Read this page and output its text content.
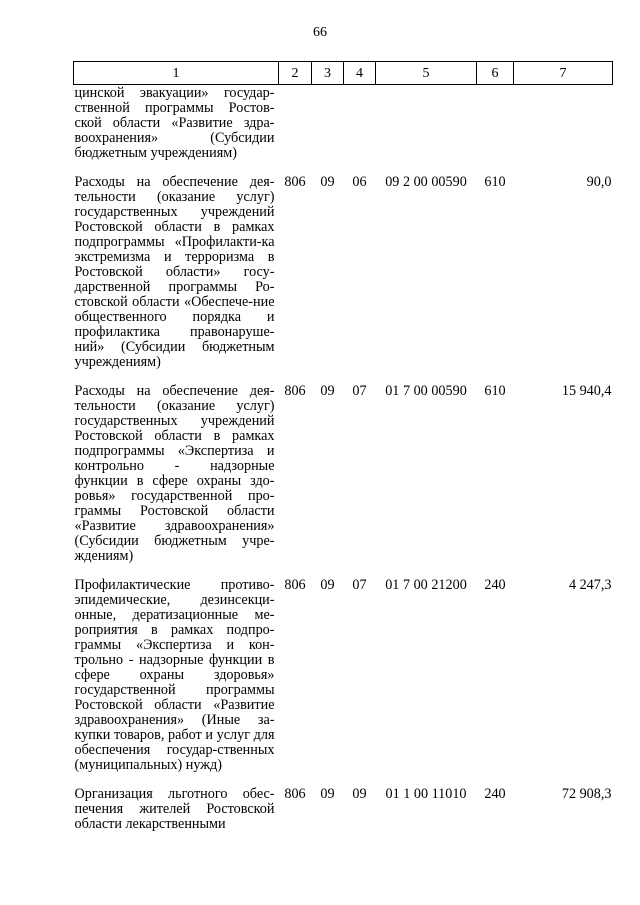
66
1	2	3	4	5	6	7
цинской эвакуации» государ-ственной программы Ростов-ской области «Развитие здра-воохранения» (Субсидии бюджетным учреждениям)						
Расходы на обеспечение дея-тельности (оказание услуг) государственных учреждений Ростовской области в рамках подпрограммы «Профилакти-ка экстремизма и терроризма в Ростовской области» госу-дарственной программы Ро-стовской области «Обеспече-ние общественного порядка и профилактика правонаруше-ний» (Субсидии бюджетным учреждениям)	806	09	06	09 2 00 00590	610	90,0
Расходы на обеспечение дея-тельности (оказание услуг) государственных учреждений Ростовской области в рамках подпрограммы «Экспертиза и контрольно - надзорные функции в сфере охраны здо-ровья» государственной про-граммы Ростовской области «Развитие здравоохранения» (Субсидии бюджетным учре-ждениям)	806	09	07	01 7 00 00590	610	15 940,4
Профилактические противо-эпидемические, дезинсекци-онные, дератизационные ме-роприятия в рамках подпро-граммы «Экспертиза и кон-трольно - надзорные функции в сфере охраны здоровья» государственной программы Ростовской области «Развитие здравоохранения» (Иные за-купки товаров, работ и услуг для обеспечения государ-ственных (муниципальных) нужд)	806	09	07	01 7 00 21200	240	4 247,3
Организация льготного обес-печения жителей Ростовской области лекарственными	806	09	09	01 1 00 11010	240	72 908,3
